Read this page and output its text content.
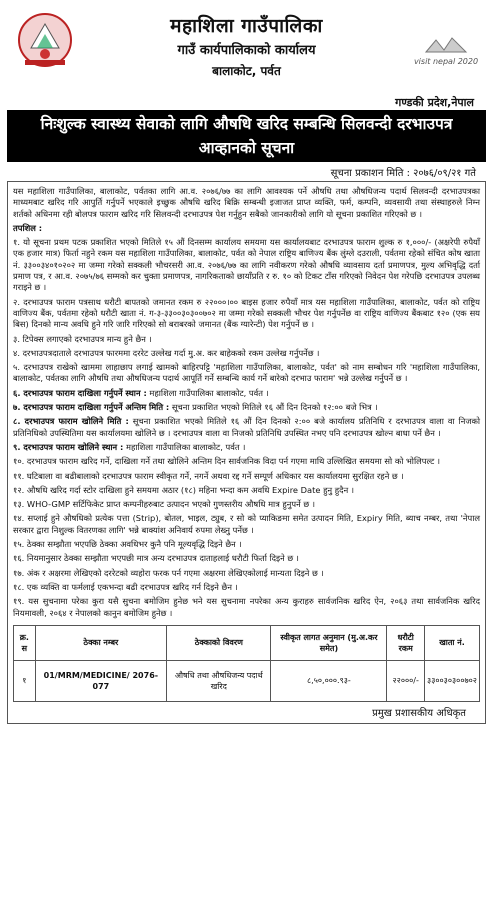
महाशिला गाउँपालिका
गाउँ कार्यपालिकाको कार्यालय
बालाकोट, पर्वत
visit nepal 2020
गण्डकी प्रदेश,नेपाल
निःशुल्क स्वास्थ्य सेवाको लागि औषधि खरिद सम्बन्धि सिलवन्दी दरभाउपत्र
आव्हानको सूचना
सूचना प्रकाशन मिति : २०७६/०९/२१ गते

यस महाशिला गाउँपालिका, बालाकोट, पर्वतका लागि आ.व. २०७६/७७ का लागि आवश्यक पर्ने औषधि तथा औषधिजन्य पदार्थ सिलवन्दी दरभाउपत्रका माध्यमबाट खरिद गरि आपुर्ति गर्नुपर्ने भएकाले इच्छुक औषधि खरिद बिक्रि सम्बन्धी इजाजत प्राप्त व्यक्ति, फर्म, कम्पनि, व्यवसायी तथा संस्थाहरुले निम्न शर्तको अधिनमा रही बोलपत्र फाराम खरिद गरि सिलवन्दी दरभाउपत्र पेश गर्नुहुन सबैको जानकारीको लागि यो सूचना प्रकाशित गरिएको छ ।

तपशिल :

१. यो सूचना प्रथम पटक प्रकाशित भएको मितिले १५ औं दिनसम्म कार्यालय समयमा यस कार्यालयबाट दरभाउपत्र फाराम शुल्क रु १,०००/- (अक्षरेपी रुपैयाँ एक हजार मात्र) फिर्ता नहुने रकम यस महाशिला गाउँपालिका, बालाकोट, पर्वत को नेपाल राष्ट्रिय बाणिज्य बैंक लुंम्ले दउराली, पर्वतमा रहेको संचित कोष खाता नं. ३३००३४०१०२०२ मा जम्मा गरेको सक्कली भौचरसरी आ.व. २०७६/७७ का लागि नवीकरण गरेको औषधि व्यावसाय दर्ता प्रमाणपत्र, मुल्य अभिवृद्धि दर्ता प्रमाण पत्र, र आ.व. २०७५/७६ सम्मको कर चुक्ता प्रमाणपत्र, नागरिकताको छायाँप्रति र रु. १० को टिकट टाँस गरिएको निवेदन पेश गरेपछि दरभाउपत्र उपलब्ध गराइने छ ।

२. दरभाउपत्र फाराम पत्रसाथ धरौटी बापतको जमानत रकम रु २२०००।०० बाइस हजार रुपैयाँ मात्र यस महाशिला गाउँपालिका, बालाकोट, पर्वत को राष्ट्रिय वाणिज्य बैंक, पर्वतमा रहेको धरौटी खाता नं. ग-३-३३००३०३००७०२ मा जम्मा गरेको सक्कली भौचर पेश गर्नुपर्नेछ वा राष्ट्रिय वाणिज्य बैंकबाट १२० (एक सय बिस) दिनको मान्य अवधि हुने गरि जारि गरिएको सो बराबरको जमानत (बैंक ग्यारेन्टी) पेश गर्नुपर्ने छ ।

३. टिपेक्स लगाएको दरभाउपत्र मान्य हुने छैन ।

४. दरभाउपत्रदाताले दरभाउपत्र फारममा दररेट उल्लेख गर्दा मु.अ. कर बाहेकको रकम उल्लेख गर्नुपर्नेछ ।

५. दरभाउपत्र राखेको खाममा लाहाछाप लगाई खामको बाहिरपट्टि 'महाशिला गाउँपालिका, बालाकोट, पर्वत' को नाम सम्बोधन गरि 'महाशिला गाउँपालिका, बालाकोट, पर्वतका लागि औषधि तथा औषधिजन्य पदार्थ आपूर्ति गर्ने सम्बन्धि कार्य गर्ने बारेको दरभाउ फाराम' भन्ने उल्लेख गर्नुपर्ने छ ।

६. दरभाउपत्र फाराम दाखिला गर्नुपर्ने स्थान : महाशिला गाउँपालिका बालाकोट, पर्वत ।

७. दरभाउपत्र फाराम दाखिला गर्नुपर्ने अन्तिम मिति : सूचना प्रकाशित भएको मितिले १६ औं दिन दिनको १२:०० बजे भित्र ।

८. दरभाउपत्र फाराम खोलिने मिति : सूचना प्रकाशित भएको मितिले १६ औं दिन दिनको २:०० बजे कार्यालय प्रतिनिधि र दरभाउपत्र वाला वा निजको प्रतिनिधिको उपस्थितिमा यस कार्यालयमा खोलिने छ । दरभाउपत्र वाला वा निजको प्रतिनिधि उपस्थित नभए पनि दरभाउपत्र खोल्न बाधा पर्ने छैन ।

९. दरभाउपत्र फाराम खोलिने स्थान : महाशिला गाउँपालिका बालाकोट, पर्वत ।

१०. दरभाउपत्र फाराम खरिद गर्ने, दाखिला गर्ने तथा खोलिने अन्तिम दिन सार्वजनिक विदा पर्न गएमा माथि उल्लिखित समयमा सो को भोलिपल्ट ।

११. घटिबाला वा बढीबालाको दरभाउपत्र फाराम स्वीकृत गर्ने, नगर्ने अथवा रद्द गर्ने सम्पूर्ण अधिकार यस कार्यालयमा सुरक्षित रहने छ ।

१२. औषधि खरिद गर्दा स्टोर दाखिला हुने समयमा अठार (१८) महिना भन्दा कम अवधि Expire Date हुनु हुदैन ।

१३. WHO-GMP सर्टिफिकेट प्राप्त कम्पनीहरुबाट उत्पादन भएको गुणस्तरीय औषधि मात्र हुनुपर्ने छ ।

१४. सप्लाई हुने औषधिको प्रत्येक पत्ता (Strip), बोतल, भाइल, ट्युब, र सो को प्याकिङमा समेत उत्पादन मिति, Expiry मिति, ब्याच नम्बर, तथा 'नेपाल सरकार द्वारा निशुल्क वितरणका लागि' भन्ने बाक्यांश अनिवार्य रुपमा लेख्नु पर्नेछ ।

१५. ठेक्का सम्झौता भएपछि ठेक्का अवधिभर कुनै पनि मूल्यवृद्धि दिइने छैन ।

१६. नियमानुसार ठेक्का सम्झौता भएपछी मात्र अन्य दरभाउपत्र दाताहलाई धरौटी फिर्ता दिइने छ ।

१७. अंक र अक्षरमा लेखिएको दररेटको व्यहोरा फरक पर्न गएमा अक्षरमा लेखिएकोलाई मान्यता दिइने छ ।

१८. एक व्यक्ति वा फर्मलाई एकभन्दा बढी दरभाउपत्र खरिद गर्न दिइने छैन ।

१९. यस सुचनामा परेका कुरा यसै सुचना बमोजिम हुनेछ भने यस सुचनामा नपरेका अन्य कुराहरु सार्वजनिक खरिद ऐन, २०६३ तथा सार्वजनिक खरिद नियमावली, २०६४ र नेपालको कानुन बमोजिम हुनेछ ।

क्र. स	ठेक्का नम्बर	ठेक्काको विवरण	स्वीकृत लागत अनुमान (मु.अ.कर समेत)	धरौटी रकम	खाता नं.
१	01/MRM/MEDICINE/ 2076-077	औषधि तथा औषधिजन्य पदार्थ खरिद	८,५०,०००.९३-	२२०००/-	३३००३०३००७०२
प्रमुख प्रशासकीय अधिकृत
